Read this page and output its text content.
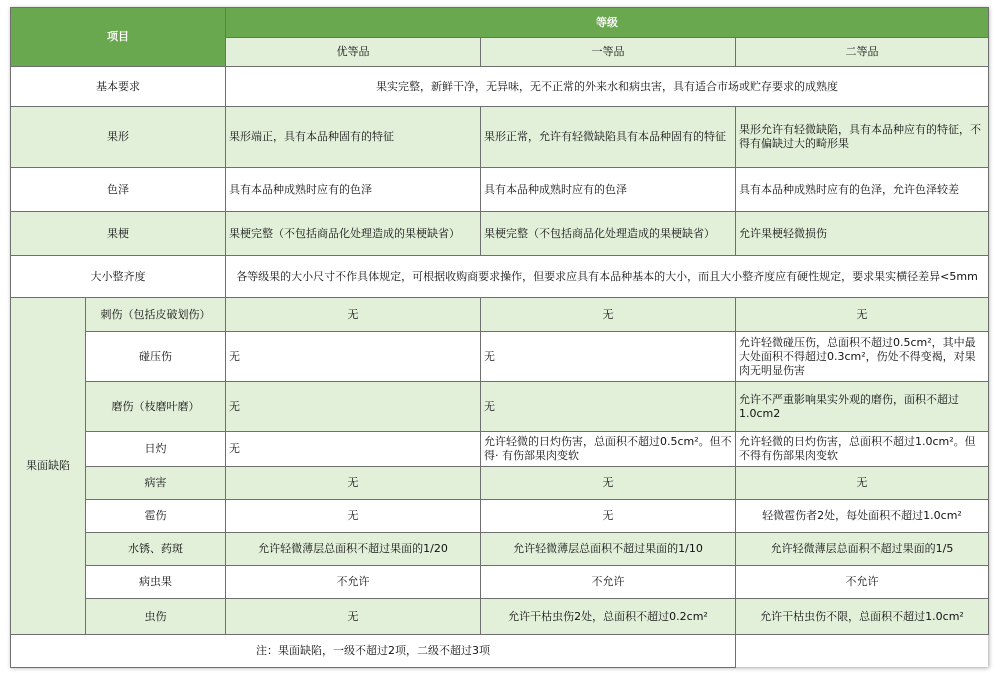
项目		等级		
		优等品	一等品	二等品
基本要求		果实完整，新鲜干净，无异味，无不正常的外来水和病虫害，具有适合市场或贮存要求的成熟度		
果形		果形端正，具有本品种固有的特征	果形正常，允许有轻微缺陷具有本品种固有的特征	果形允许有轻微缺陷，具有本品种应有的特征，不得有偏缺过大的畸形果
色泽		具有本品种成熟时应有的色泽	具有本品种成熟时应有的色泽	具有本品种成熟时应有的色泽，允许色泽较差
果梗		果梗完整（不包括商品化处理造成的果梗缺省）	果梗完整（不包括商品化处理造成的果梗缺省）	允许果梗轻微损伤
大小整齐度		各等级果的大小尺寸不作具体规定，可根据收购商要求操作，但要求应具有本品种基本的大小，而且大小整齐度应有硬性规定，要求果实横径差异<5mm		
果面缺陷	刺伤（包括皮破划伤）	无	无	无
	碰压伤	无	无	允许轻微碰压伤，总面积不超过0.5cm²，其中最大处面积不得超过0.3cm²，伤处不得变褐，对果肉无明显伤害
	磨伤（枝磨叶磨）	无	无	允许不严重影响果实外观的磨伤，面积不超过1.0cm2
	日灼	无	允许轻微的日灼伤害，总面积不超过0.5cm²。但不得· 有伤部果肉变软	允许轻微的日灼伤害，总面积不超过1.0cm²。但不得有伤部果肉变软
	病害	无	无	无
	雹伤	无	无	轻微雹伤者2处，每处面积不超过1.0cm²
	水锈、药斑	允许轻微薄层总面积不超过果面的1/20	允许轻微薄层总面积不超过果面的1/10	允许轻微薄层总面积不超过果面的1/5
	病虫果	不允许	不允许	不允许
	虫伤	无	允许干枯虫伤2处，总面积不超过0.2cm²	允许干枯虫伤不限，总面积不超过1.0cm²
注：果面缺陷，一级不超过2项，二级不超过3项				
